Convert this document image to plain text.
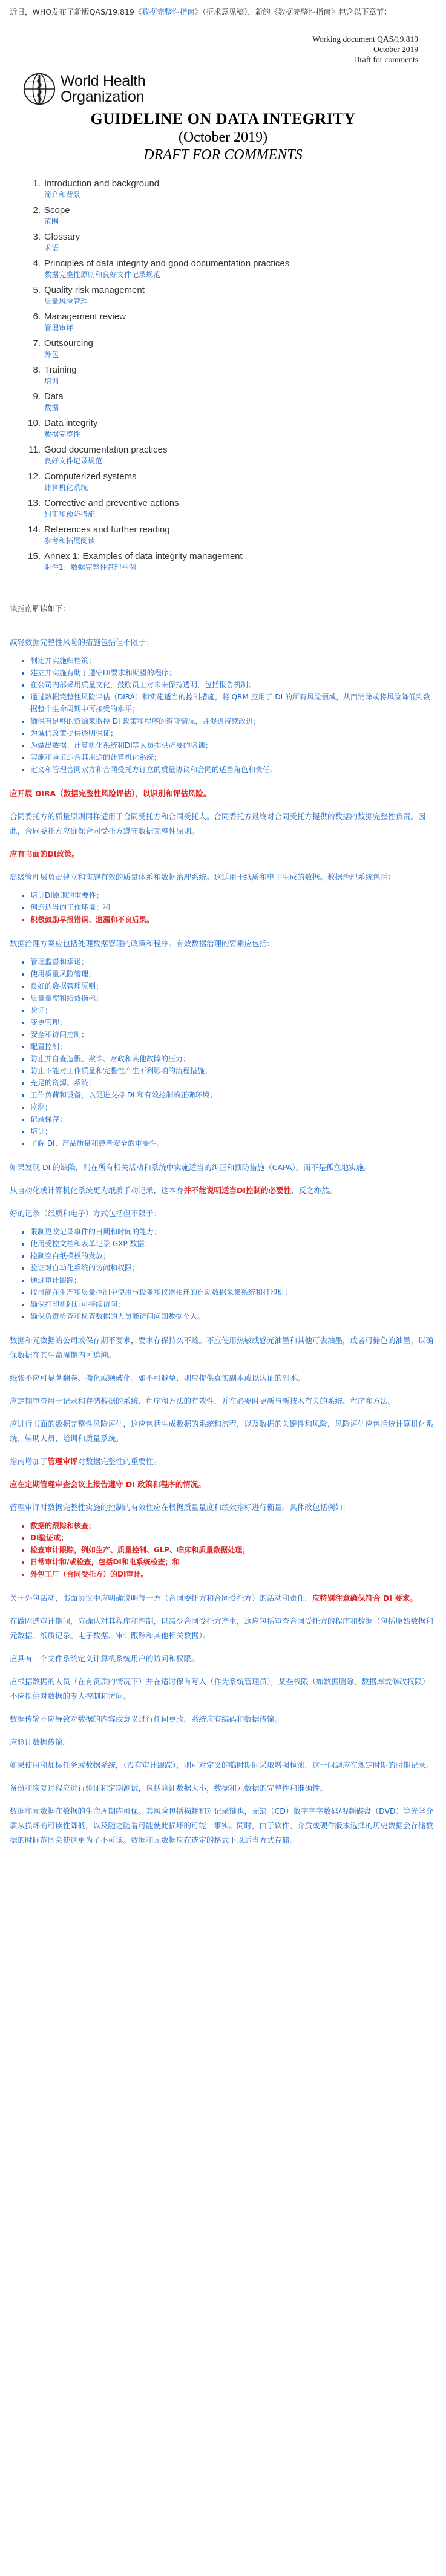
近日，WHO发布了新版QAS/19.819《数据完整性指南》（征求意见稿），新的《数据完整性指南》包含以下章节：

Working document QAS/19.819
October 2019
Draft for comments
World Health
Organization
GUIDELINE ON DATA INTEGRITY
(October 2019)
DRAFT FOR COMMENTS
1. Introduction and background
简介和背景
2. Scope
范围
3. Glossary
术语
4. Principles of data integrity and good documentation practices
数据完整性原则和良好文件记录规范
5. Quality risk management
质量风险管理
6. Management review
管理审评
7. Outsourcing
外包
8. Training
培训
9. Data
数据
10. Data integrity
数据完整性
11. Good documentation practices
良好文件记录规范
12. Computerized systems
计算机化系统
13. Corrective and preventive actions
纠正和预防措施
14. References and further reading
参考和拓展阅读
15. Annex 1: Examples of data integrity management
附件1：数据完整性管理举例
该指南解读如下：

减轻数据完整性风险的措施包括但不限于：

• 制定并实施归档策；
• 建立并实施有助于遵守DI要求和期望的程序；
• 在公司内部采用质量文化，鼓励员工对未来保持透明，包括报告机制；
• 通过数据完整性风险评估（DIRA）和实施适当的控制措施，将 QRM 应用于 DI 的所有风险领域，从而消除或将风险降低到数据整个生命周期中可接受的水平；
• 确保有足够的资源来监控 DI 政策和程序的遵守情况，并促进持续改进；
• 为诚信政策提供透明保证；
• 为做出数据、计算机化系统和DI等人员提供必要的培训；
• 实施和验证适合其用途的计算机化系统；
• 定义和管理合同双方和合同受托方订立的质量协议和合同的适当角色和责任。

应开展 DIRA（数据完整性风险评估），以识别和评估风险。

合同委托方的质量原则同样适用于合同受托方和合同受托人。合同委托方最终对合同受托方提供的数据的数据完整性负责。因此，合同委托方应确保合同受托方遵守数据完整性原则。

应有书面的DI政策。

高级管理层负责建立和实施有效的质量体系和数据治理系统。这适用于纸质和电子生成的数据。数据治理系统包括：

• 培训DI原则的重要性；
• 创造适当的工作环境；和
• 积极鼓励早报错误、遗漏和不良后果。

数据治理方案应包括处理数据管理的政策和程序。有效数据治理的要素应包括：

• 管理监督和承诺；
• 使用质量风险管理；
• 良好的数据管理原则；
• 质量量度和绩效指标；
• 验证；
• 变更管理；
• 安全和访问控制；
• 配置控制；
• 防止并自查造假、欺诈、财政和其他故障的压力；
• 防止不能对工作质量和完整性产生不利影响的流程措施；
• 充足的资源、系统；
• 工作负荷和设备，以促进支持 DI 和有效控制的正确环境；
• 监测；
• 记录保存；
• 培训；
• 了解 DI、产品质量和患者安全的重要性。

如果发现 DI 的缺陷，则在所有相关活动和系统中实施适当的纠正和预防措施（CAPA），而不是孤立地实施。

从自动化或计算机化系统更为纸质手动记录，这本身并不能说明适当DI控制的必要性，反之亦然。

好的记录（纸质和电子）方式包括但不限于：

• 限制更改记录事件的日期和时间的能力；
• 使用受控文档和表单记录 GXP 数据；
• 控制空白纸模板的发放；
• 验证对自动化系统的访问和权限；
• 通过审计跟踪；
• 按可能在生产和质量控制中使用与设备和仪器相连的自动数据采集系统和打印机；
• 确保打印机附近可持续访问；
• 确保负责检查和检查数据的人员能访问问知数据个人。

数据和元数据的公司或保存期不要求，要求存保持久不疏。不应使用热敏或感光油墨和其他可去油墨，或者可储色的油墨，以确保数据在其生命周期内可追溯。

纸张不应可显著翻卷、撕化或颗破化。如不可避免，则应提供真实副本或以认证的副本。

应定期审查用于记录和存储数据的系统、程序和方法的有效性，并在必要时更新与新技术有关的系统、程序和方法。

应进行书面的数据完整性风险评估，这应包括生成数据的系统和流程，以及数据的关键性和风险，风险评估应包括统计算机化系统、辅助人员、培训和质量系统。

指南增加了管理审评对数据完整性的重要性。

应在定期管理审查会议上报告遵守 DI 政策和程序的情况。

管理审评时数据完整性实施的控制的有效性应在根据质量量度和绩效指标进行衡量。具体改包括例如：

• 数据的跟踪和核查；
• DI验证或；
• 检查审计跟踪，例如生产、质量控制、GLP、临床和质量数据处理；
• 日常审计和/或检查，包括DI和电系统检查；和
• 外包工厂（合同受托方）的DI审计。

关于外包活动，书面协议中应明确说明每一方（合同委托方和合同受托方）的活动和责任。应特别注意确保符合 DI 要求。

在做固选审计期间，应确认对其程序和控制，以减少合同受托方产生，这应包括审查合同受托方的程序和数据（包括原始数据和元数据、纸质记录、电子数据、审计跟踪和其他相关数据）。

应具有一个文件系统定义计算机系统用户的访问和权限。

应根据数据的人员（在有资质的情况下）并在适时保有写入（作为系统管理员），某些权限（如数据删除、数据库或修改权限）不应提供对数据的专人控制和访问。

数据传输不应导致对数据的内容或意义进行任何更改。系统应有编码和数据传输。

应验证数据传输。

如果使用和加标任务或数据系统，（没有审计跟踪），则可对定义的临时期间采取增强检测。这一问题应在规定时期的时期记录。

备份和恢复过程应进行验证和定期测试，包括验证数据大小，数据和元数据的完整性和准确性。

数据和元数据在数据的生命周期内可保。其风险包括损耗和对记录键也，无缺（CD）数字字字数码/视频碟盘（DVD）等光学介质从损坏的可读性降低，以及随之随着可能使此损坏的可能一事实。同时，由于软件、介质或硬件版本选择的历史数据会存储数据的时间范围会使这更为了不可读。数据和元数据应在选定的格式下以适当方式存储。
